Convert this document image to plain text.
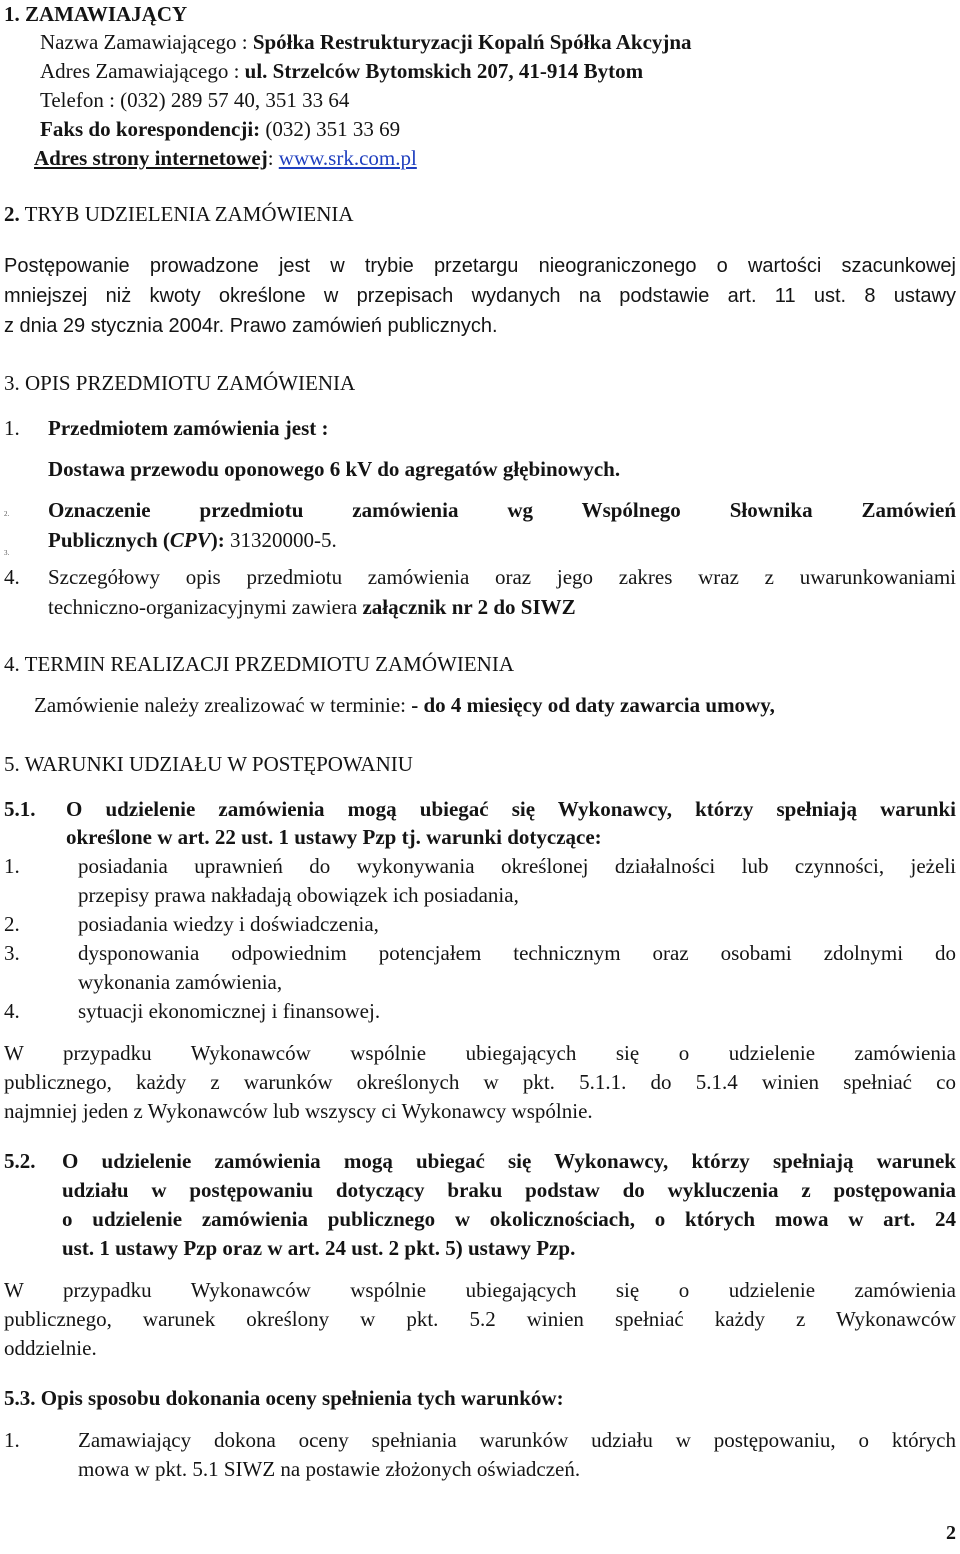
1. ZAMAWIAJĄCY
Nazwa Zamawiającego : Spółka Restrukturyzacji Kopalń Spółka Akcyjna
Adres Zamawiającego : ul. Strzelców Bytomskich 207, 41-914 Bytom
Telefon : (032) 289 57 40, 351 33 64
Faks do korespondencji: (032) 351 33 69
Adres strony internetowej: www.srk.com.pl
2. TRYB UDZIELENIA ZAMÓWIENIA
Postępowanie prowadzone jest w trybie przetargu nieograniczonego o wartości szacunkowej
mniejszej niż kwoty określone w przepisach wydanych na podstawie art. 11 ust. 8 ustawy
z dnia 29 stycznia 2004r. Prawo zamówień publicznych.
3. OPIS PRZEDMIOTU ZAMÓWIENIA
1. Przedmiotem zamówienia jest :
Dostawa przewodu oponowego 6 kV do agregatów głębinowych.
2. Oznaczenie przedmiotu zamówienia wg Wspólnego Słownika Zamówień
Publicznych (CPV): 31320000-5.
3.
4. Szczegółowy opis przedmiotu zamówienia oraz jego zakres wraz z uwarunkowaniami
techniczno-organizacyjnymi zawiera załącznik nr 2 do SIWZ
4. TERMIN REALIZACJI PRZEDMIOTU ZAMÓWIENIA
Zamówienie należy zrealizować w terminie: - do 4 miesięcy od daty zawarcia umowy,
5. WARUNKI UDZIAŁU W POSTĘPOWANIU
5.1. O udzielenie zamówienia mogą ubiegać się Wykonawcy, którzy spełniają warunki
określone w art. 22 ust. 1 ustawy Pzp tj. warunki dotyczące:
1.	posiadania uprawnień do wykonywania określonej działalności lub czynności, jeżeli
przepisy prawa nakładają obowiązek ich posiadania,
2.	posiadania wiedzy i doświadczenia,
3.	dysponowania odpowiednim potencjałem technicznym oraz osobami zdolnymi do
wykonania zamówienia,
4.	sytuacji ekonomicznej i finansowej.
W przypadku Wykonawców wspólnie ubiegających się o udzielenie zamówienia
publicznego, każdy z warunków określonych w pkt. 5.1.1. do 5.1.4 winien spełniać co
najmniej jeden z Wykonawców lub wszyscy ci Wykonawcy wspólnie.
5.2. O udzielenie zamówienia mogą ubiegać się Wykonawcy, którzy spełniają warunek
udziału w postępowaniu dotyczący braku podstaw do wykluczenia z postępowania
o udzielenie zamówienia publicznego w okolicznościach, o których mowa w art. 24
ust. 1 ustawy Pzp oraz w art. 24 ust. 2 pkt. 5) ustawy Pzp.
W przypadku Wykonawców wspólnie ubiegających się o udzielenie zamówienia
publicznego, warunek określony w pkt. 5.2 winien spełniać każdy z Wykonawców
oddzielnie.
5.3. Opis sposobu dokonania oceny spełnienia tych warunków:
1.	Zamawiający dokona oceny spełniania warunków udziału w postępowaniu, o których
mowa w pkt. 5.1 SIWZ na postawie złożonych oświadczeń.
2
